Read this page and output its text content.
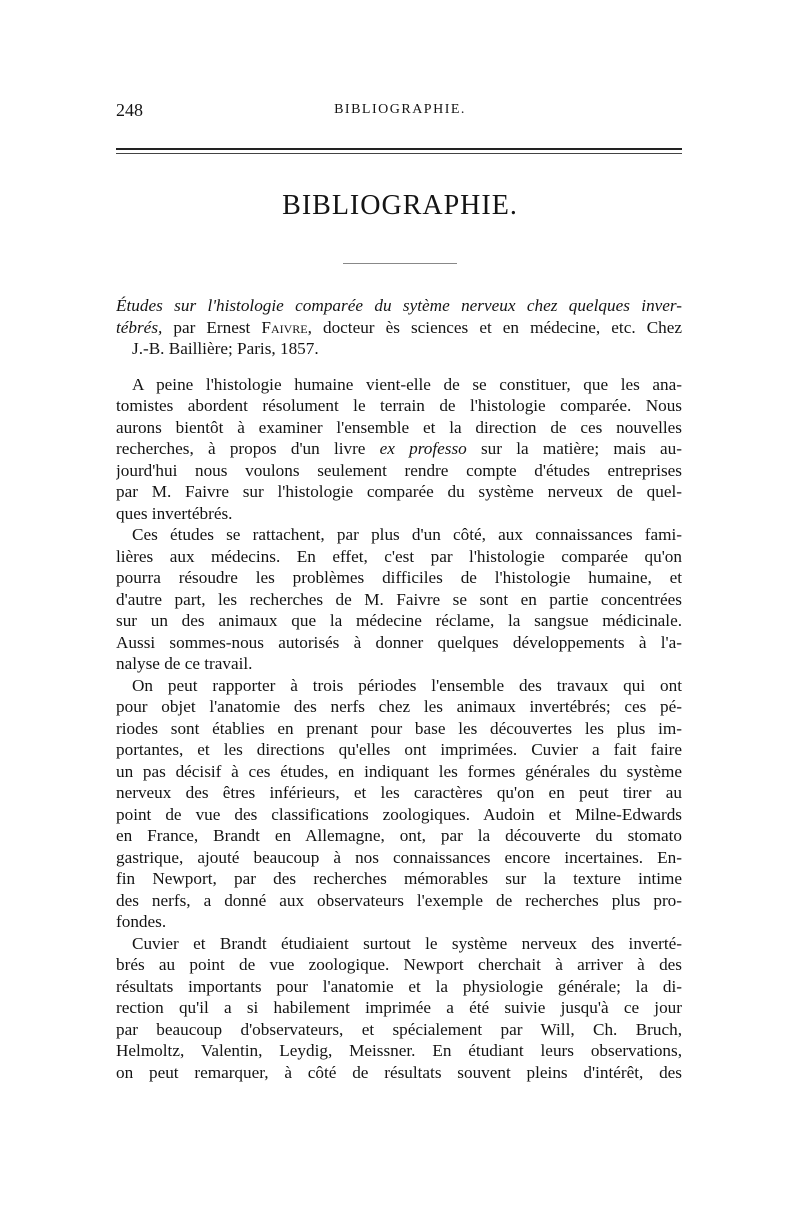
248	BIBLIOGRAPHIE.
BIBLIOGRAPHIE.
Études sur l'histologie comparée du sytème nerveux chez quelques inver-
tébrés, par Ernest Faivre, docteur ès sciences et en médecine, etc. Chez
J.-B. Baillière; Paris, 1857.
A peine l'histologie humaine vient-elle de se constituer, que les ana-
tomistes abordent résolument le terrain de l'histologie comparée. Nous
aurons bientôt à examiner l'ensemble et la direction de ces nouvelles
recherches, à propos d'un livre ex professo sur la matière; mais au-
jourd'hui nous voulons seulement rendre compte d'études entreprises
par M. Faivre sur l'histologie comparée du système nerveux de quel-
ques invertébrés.
Ces études se rattachent, par plus d'un côté, aux connaissances fami-
lières aux médecins. En effet, c'est par l'histologie comparée qu'on
pourra résoudre les problèmes difficiles de l'histologie humaine, et
d'autre part, les recherches de M. Faivre se sont en partie concentrées
sur un des animaux que la médecine réclame, la sangsue médicinale.
Aussi sommes-nous autorisés à donner quelques développements à l'a-
nalyse de ce travail.
On peut rapporter à trois périodes l'ensemble des travaux qui ont
pour objet l'anatomie des nerfs chez les animaux invertébrés; ces pé-
riodes sont établies en prenant pour base les découvertes les plus im-
portantes, et les directions qu'elles ont imprimées. Cuvier a fait faire
un pas décisif à ces études, en indiquant les formes générales du système
nerveux des êtres inférieurs, et les caractères qu'on en peut tirer au
point de vue des classifications zoologiques. Audoin et Milne-Edwards
en France, Brandt en Allemagne, ont, par la découverte du stomato
gastrique, ajouté beaucoup à nos connaissances encore incertaines. En-
fin Newport, par des recherches mémorables sur la texture intime
des nerfs, a donné aux observateurs l'exemple de recherches plus pro-
fondes.
Cuvier et Brandt étudiaient surtout le système nerveux des inverté-
brés au point de vue zoologique. Newport cherchait à arriver à des
résultats importants pour l'anatomie et la physiologie générale; la di-
rection qu'il a si habilement imprimée a été suivie jusqu'à ce jour
par beaucoup d'observateurs, et spécialement par Will, Ch. Bruch,
Helmoltz, Valentin, Leydig, Meissner. En étudiant leurs observations,
on peut remarquer, à côté de résultats souvent pleins d'intérêt, des
